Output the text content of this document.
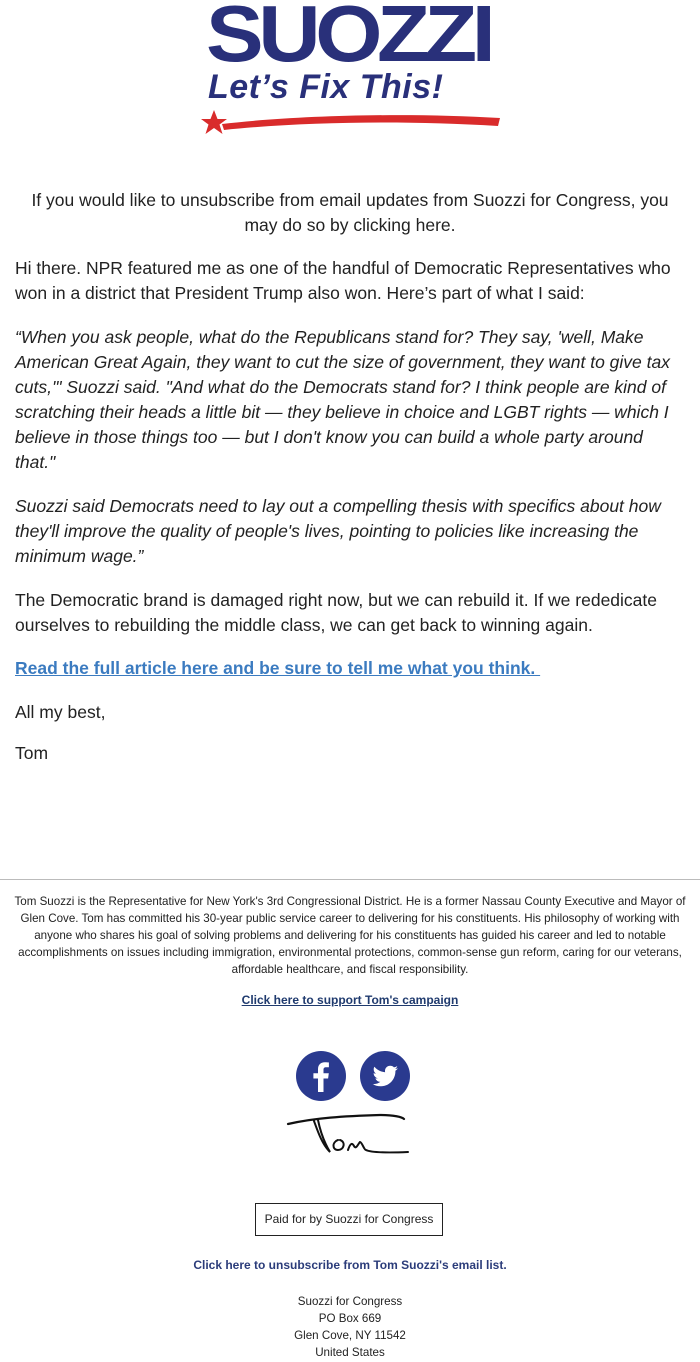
SUOZZI
Let’s Fix This!
If you would like to unsubscribe from email updates from Suozzi for Congress, you may do so by clicking here.
Hi there. NPR featured me as one of the handful of Democratic Representatives who won in a district that President Trump also won. Here’s part of what I said:
“When you ask people, what do the Republicans stand for? They say, 'well, Make American Great Again, they want to cut the size of government, they want to give tax cuts,'" Suozzi said. "And what do the Democrats stand for? I think people are kind of scratching their heads a little bit — they believe in choice and LGBT rights — which I believe in those things too — but I don't know you can build a whole party around that."
Suozzi said Democrats need to lay out a compelling thesis with specifics about how they'll improve the quality of people's lives, pointing to policies like increasing the minimum wage.”
The Democratic brand is damaged right now, but we can rebuild it. If we rededicate ourselves to rebuilding the middle class, we can get back to winning again.
Read the full article here and be sure to tell me what you think.
All my best,
Tom
Tom Suozzi is the Representative for New York's 3rd Congressional District. He is a former Nassau County Executive and Mayor of Glen Cove. Tom has committed his 30-year public service career to delivering for his constituents. His philosophy of working with anyone who shares his goal of solving problems and delivering for his constituents has guided his career and led to notable accomplishments on issues including immigration, environmental protections, common-sense gun reform, caring for our veterans, affordable healthcare, and fiscal responsibility.
Click here to support Tom's campaign
Paid for by Suozzi for Congress
Click here to unsubscribe from Tom Suozzi's email list.
Suozzi for Congress
PO Box 669
Glen Cove, NY 11542
United States
